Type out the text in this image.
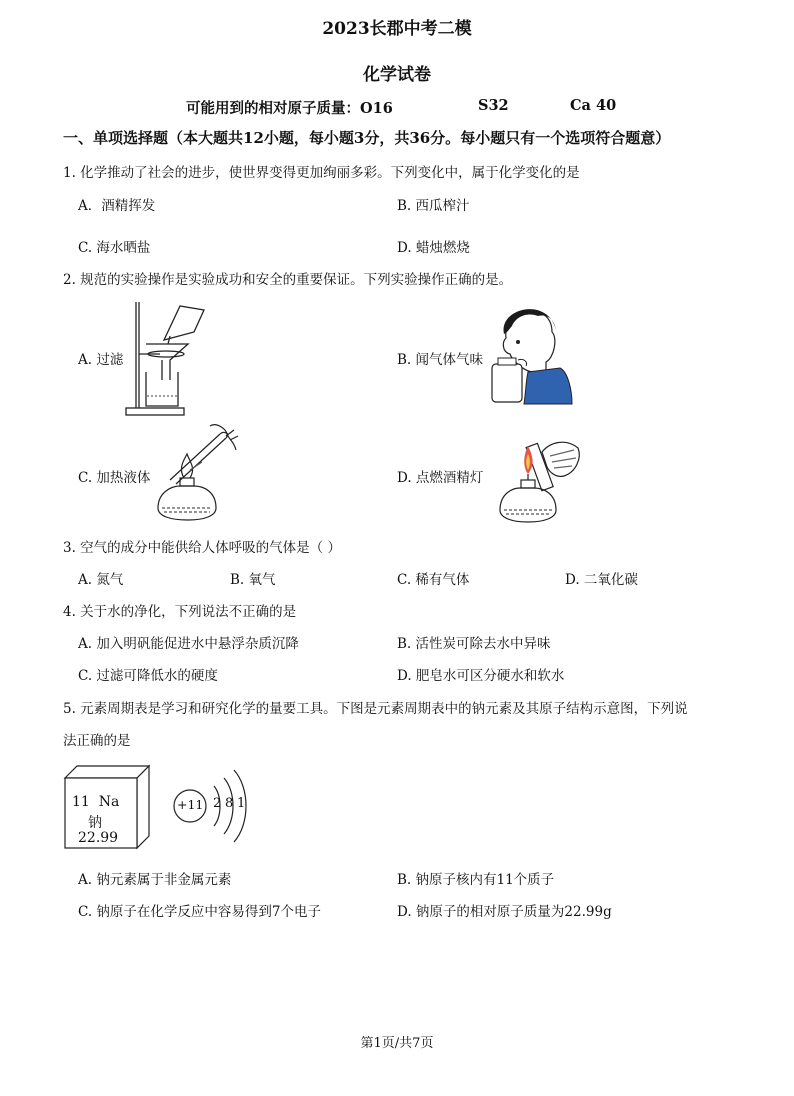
2023长郡中考二模
化学试卷
可能用到的相对原子质量：O16	S32	Ca 40
一、单项选择题（本大题共12小题，每小题3分，共36分。每小题只有一个选项符合题意）
1. 化学推动了社会的进步，使世界变得更加绚丽多彩。下列变化中，属于化学变化的是
A．酒精挥发	B. 西瓜榨汁
C. 海水晒盐	D. 蜡烛燃烧
2. 规范的实验操作是实验成功和安全的重要保证。下列实验操作正确的是。
A. 过滤	B. 闻气体气味
C. 加热液体	D. 点燃酒精灯
3. 空气的成分中能供给人体呼吸的气体是（ ）
A. 氮气	B. 氧气	C. 稀有气体	D. 二氧化碳
4. 关于水的净化，下列说法不正确的是
A. 加入明矾能促进水中悬浮杂质沉降	B. 活性炭可除去水中异味
C. 过滤可降低水的硬度	D. 肥皂水可区分硬水和软水
5. 元素周期表是学习和研究化学的量要工具。下图是元素周期表中的钠元素及其原子结构示意图，下列说
法正确的是
11 Na
钠
22.99
+11 2 8 1
A. 钠元素属于非金属元素	B. 钠原子核内有11个质子
C. 钠原子在化学反应中容易得到7个电子	D. 钠原子的相对原子质量为22.99g
第1页/共7页
